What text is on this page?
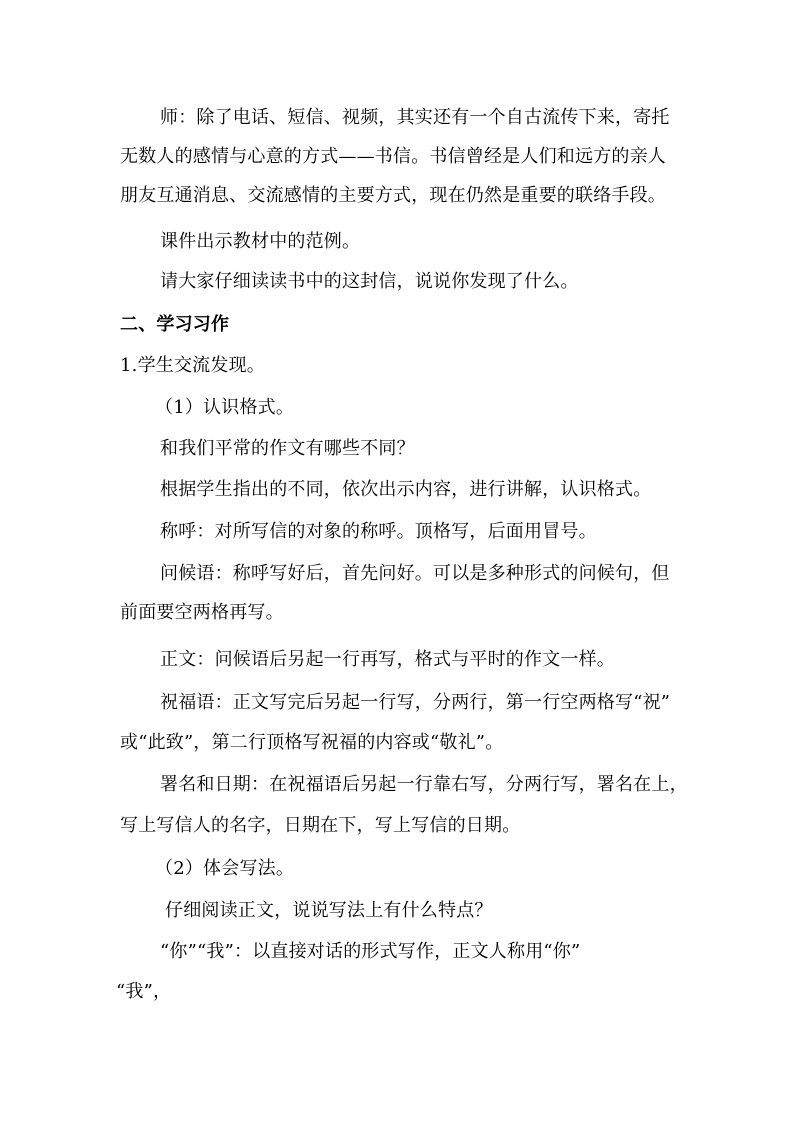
师：除了电话、短信、视频，其实还有一个自古流传下来，寄托
无数人的感情与心意的方式——书信。书信曾经是人们和远方的亲人
朋友互通消息、交流感情的主要方式，现在仍然是重要的联络手段。
课件出示教材中的范例。
请大家仔细读读书中的这封信，说说你发现了什么。
二、学习习作
1.学生交流发现。
（1）认识格式。
和我们平常的作文有哪些不同？
根据学生指出的不同，依次出示内容，进行讲解，认识格式。
称呼：对所写信的对象的称呼。顶格写，后面用冒号。
问候语：称呼写好后，首先问好。可以是多种形式的问候句，但
前面要空两格再写。
正文：问候语后另起一行再写，格式与平时的作文一样。
祝福语：正文写完后另起一行写，分两行，第一行空两格写“祝”
或“此致”，第二行顶格写祝福的内容或“敬礼”。
署名和日期：在祝福语后另起一行靠右写，分两行写，署名在上，
写上写信人的名字，日期在下，写上写信的日期。
（2）体会写法。
仔细阅读正文，说说写法上有什么特点？
“你”“我”：以直接对话的形式写作，正文人称用“你”
“我”，
